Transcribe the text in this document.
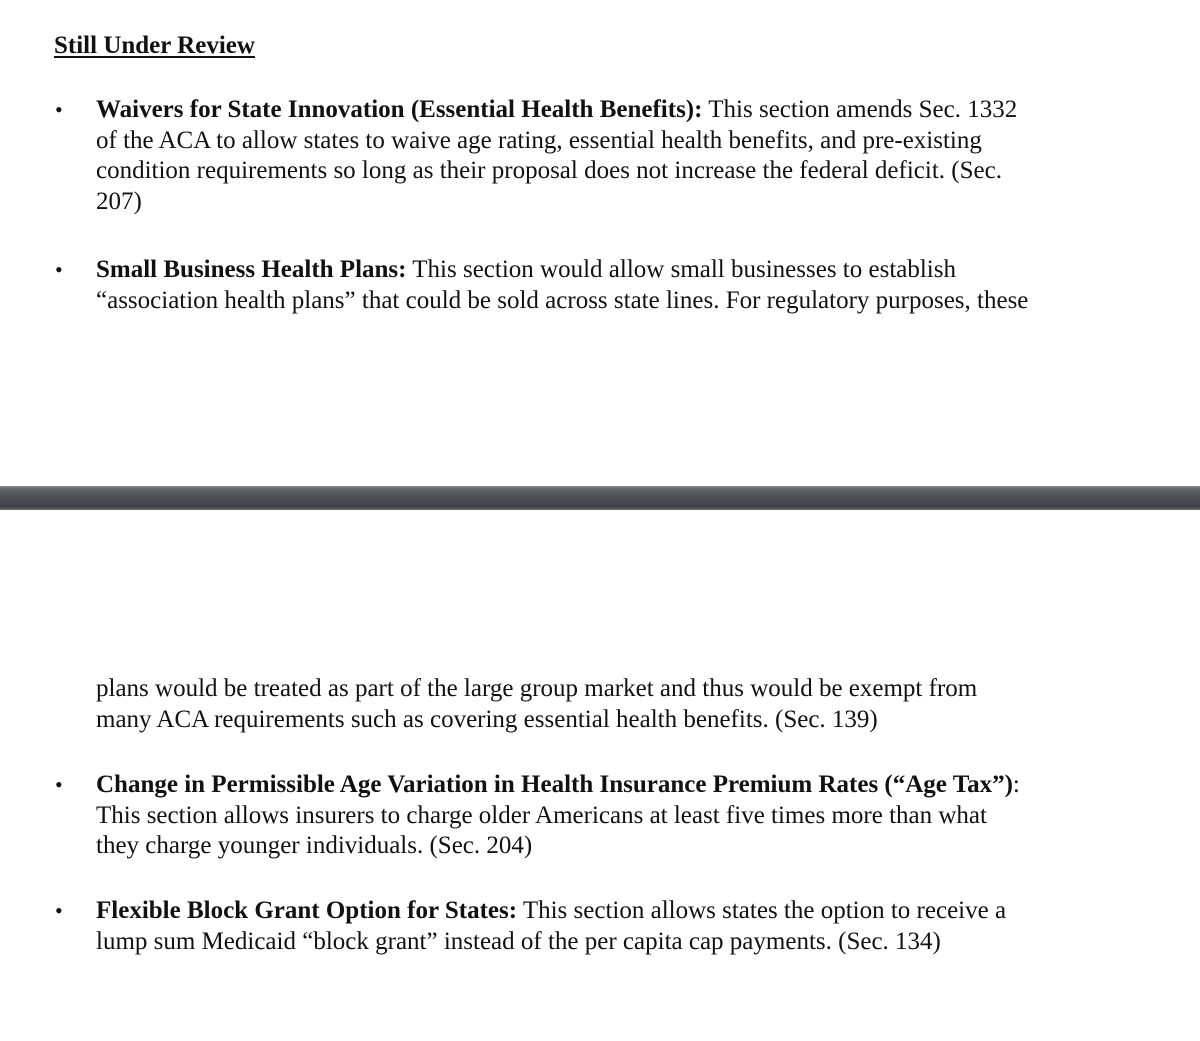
Still Under Review
• Waivers for State Innovation (Essential Health Benefits): This section amends Sec. 1332
of the ACA to allow states to waive age rating, essential health benefits, and pre-existing
condition requirements so long as their proposal does not increase the federal deficit. (Sec.
207)
• Small Business Health Plans: This section would allow small businesses to establish
“association health plans” that could be sold across state lines. For regulatory purposes, these
plans would be treated as part of the large group market and thus would be exempt from
many ACA requirements such as covering essential health benefits. (Sec. 139)
• Change in Permissible Age Variation in Health Insurance Premium Rates (“Age Tax”):
This section allows insurers to charge older Americans at least five times more than what
they charge younger individuals. (Sec. 204)
• Flexible Block Grant Option for States: This section allows states the option to receive a
lump sum Medicaid “block grant” instead of the per capita cap payments. (Sec. 134)
